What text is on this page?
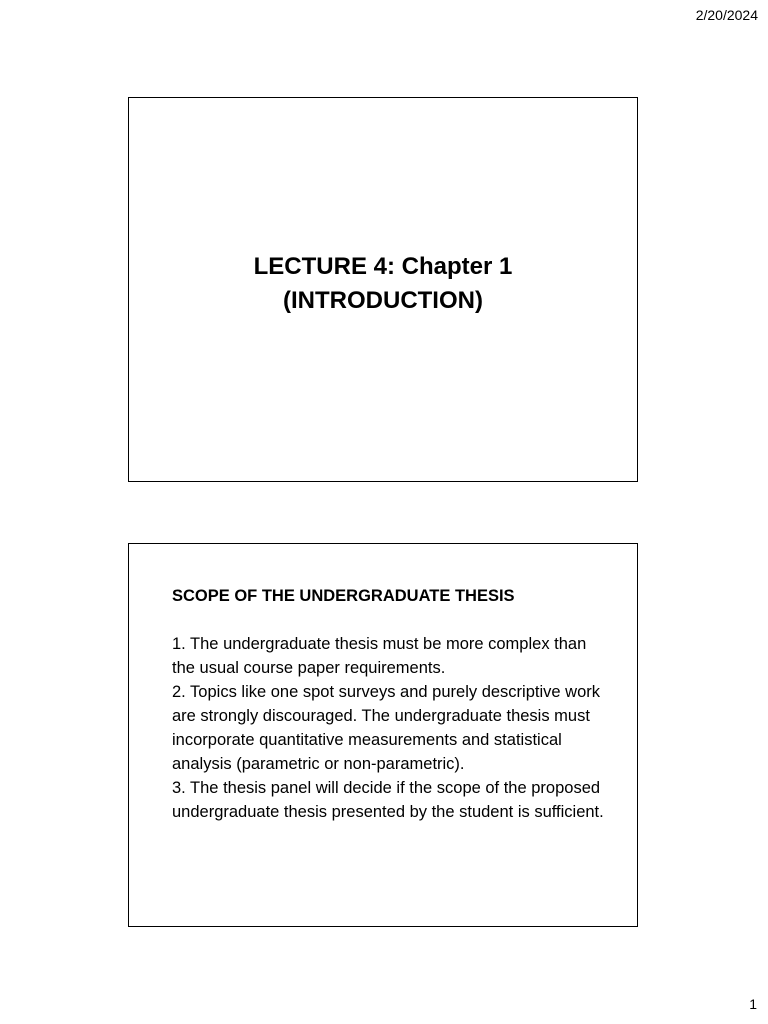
2/20/2024
LECTURE 4: Chapter 1
(INTRODUCTION)

SCOPE OF THE UNDERGRADUATE THESIS

1. The undergraduate thesis must be more complex than the usual course paper requirements.

2. Topics like one spot surveys and purely descriptive work are strongly discouraged. The undergraduate thesis must incorporate quantitative measurements and statistical analysis (parametric or non-parametric).

3. The thesis panel will decide if the scope of the proposed undergraduate thesis presented by the student is sufficient.

1
